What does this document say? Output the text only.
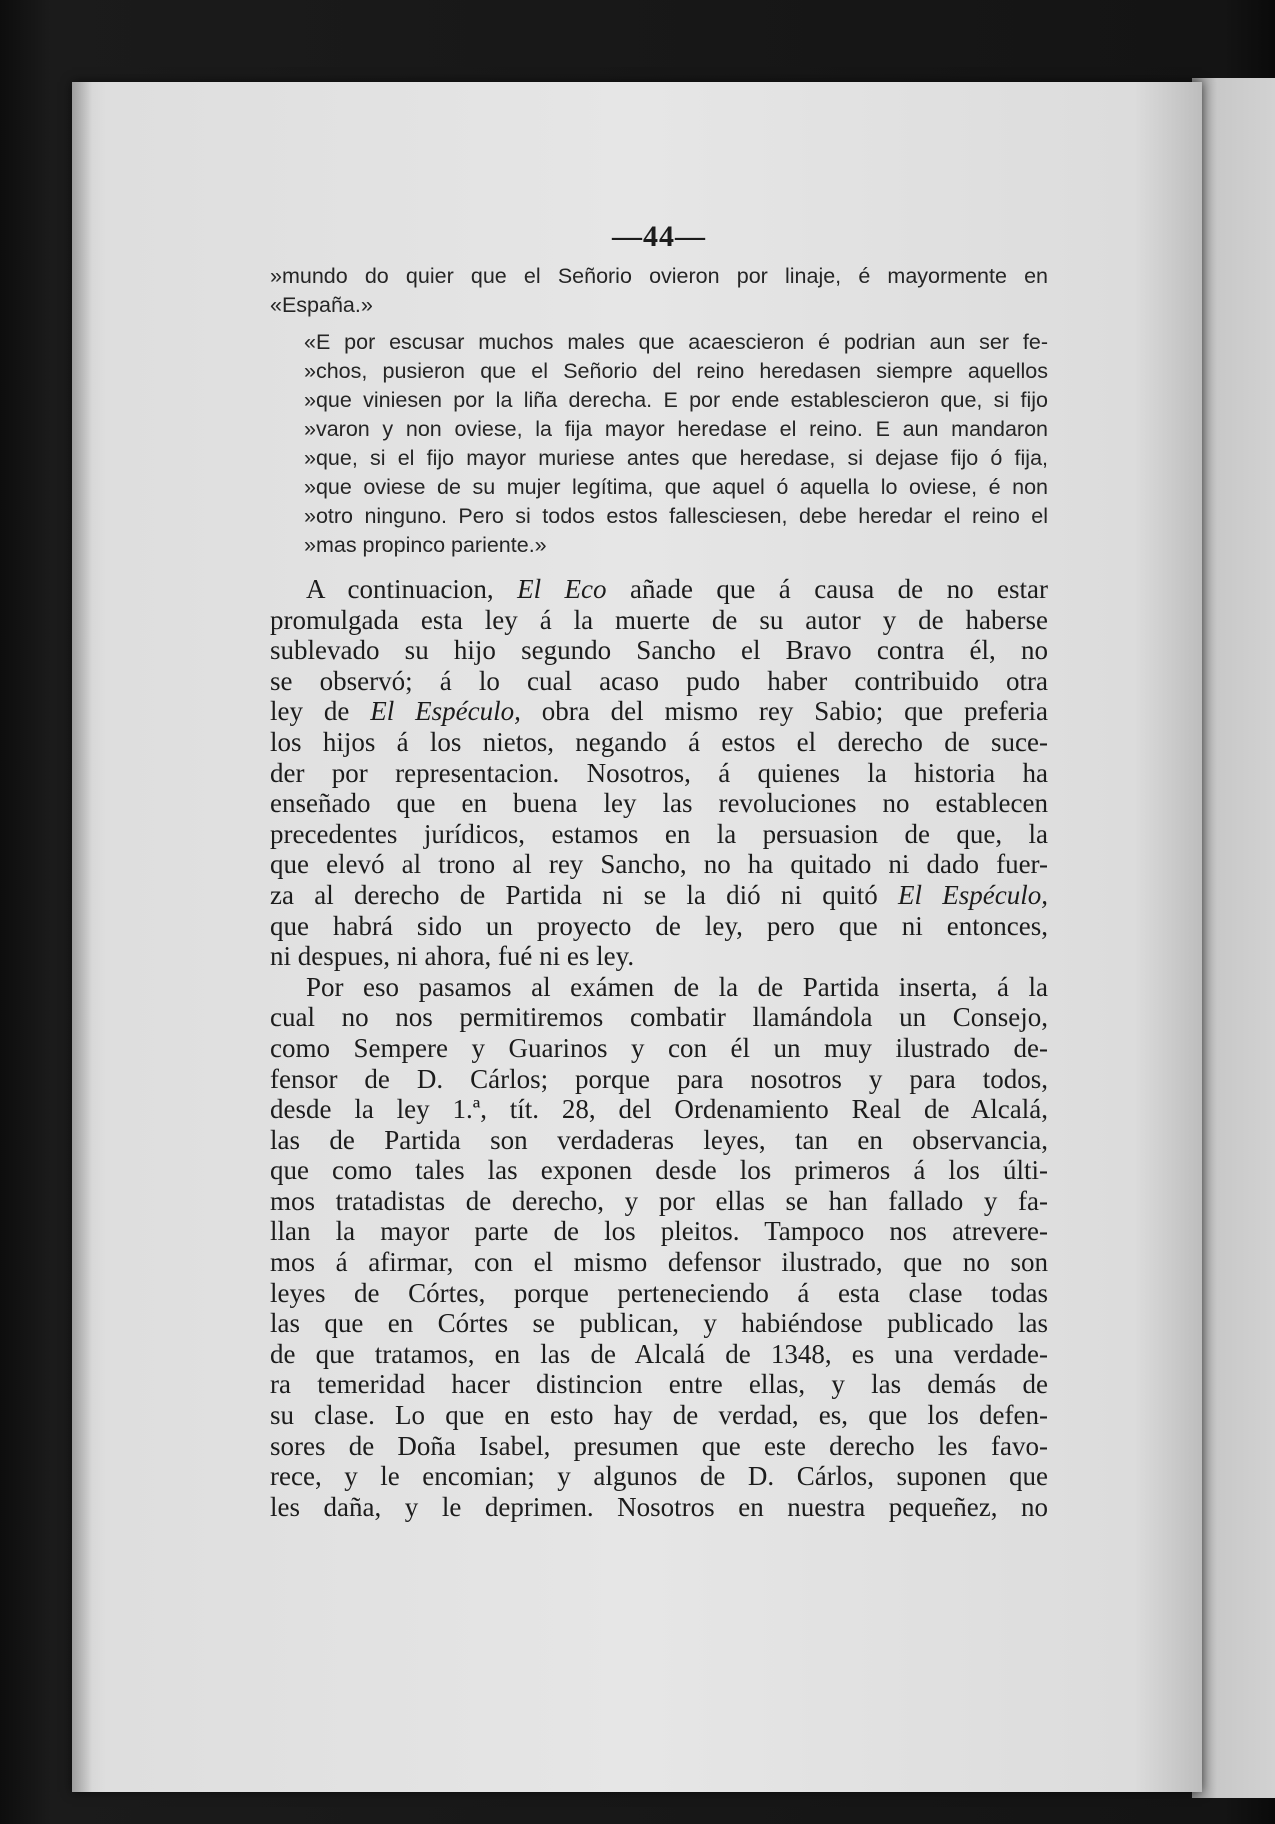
—44—

»mundo do quier que el Señorio ovieron por linaje, é mayormente en
«España.»

«E por escusar muchos males que acaescieron é podrian aun ser fe-
»chos, pusieron que el Señorio del reino heredasen siempre aquellos
»que viniesen por la liña derecha. E por ende establescieron que, si fijo
»varon y non oviese, la fija mayor heredase el reino. E aun mandaron
»que, si el fijo mayor muriese antes que heredase, si dejase fijo ó fija,
»que oviese de su mujer legítima, que aquel ó aquella lo oviese, é non
»otro ninguno. Pero si todos estos fallesciesen, debe heredar el reino el
»mas propinco pariente.»

A continuacion, El Eco añade que á causa de no estar
promulgada esta ley á la muerte de su autor y de haberse
sublevado su hijo segundo Sancho el Bravo contra él, no
se observó; á lo cual acaso pudo haber contribuido otra
ley de El Espéculo, obra del mismo rey Sabio; que preferia
los hijos á los nietos, negando á estos el derecho de suce-
der por representacion. Nosotros, á quienes la historia ha
enseñado que en buena ley las revoluciones no establecen
precedentes jurídicos, estamos en la persuasion de que, la
que elevó al trono al rey Sancho, no ha quitado ni dado fuer-
za al derecho de Partida ni se la dió ni quitó El Espéculo,
que habrá sido un proyecto de ley, pero que ni entonces,
ni despues, ni ahora, fué ni es ley.

Por eso pasamos al exámen de la de Partida inserta, á la
cual no nos permitiremos combatir llamándola un Consejo,
como Sempere y Guarinos y con él un muy ilustrado de-
fensor de D. Cárlos; porque para nosotros y para todos,
desde la ley 1.ª, tít. 28, del Ordenamiento Real de Alcalá,
las de Partida son verdaderas leyes, tan en observancia,
que como tales las exponen desde los primeros á los últi-
mos tratadistas de derecho, y por ellas se han fallado y fa-
llan la mayor parte de los pleitos. Tampoco nos atrevere-
mos á afirmar, con el mismo defensor ilustrado, que no son
leyes de Córtes, porque perteneciendo á esta clase todas
las que en Córtes se publican, y habiéndose publicado las
de que tratamos, en las de Alcalá de 1348, es una verdade-
ra temeridad hacer distincion entre ellas, y las demás de
su clase. Lo que en esto hay de verdad, es, que los defen-
sores de Doña Isabel, presumen que este derecho les favo-
rece, y le encomian; y algunos de D. Cárlos, suponen que
les daña, y le deprimen. Nosotros en nuestra pequeñez, no
